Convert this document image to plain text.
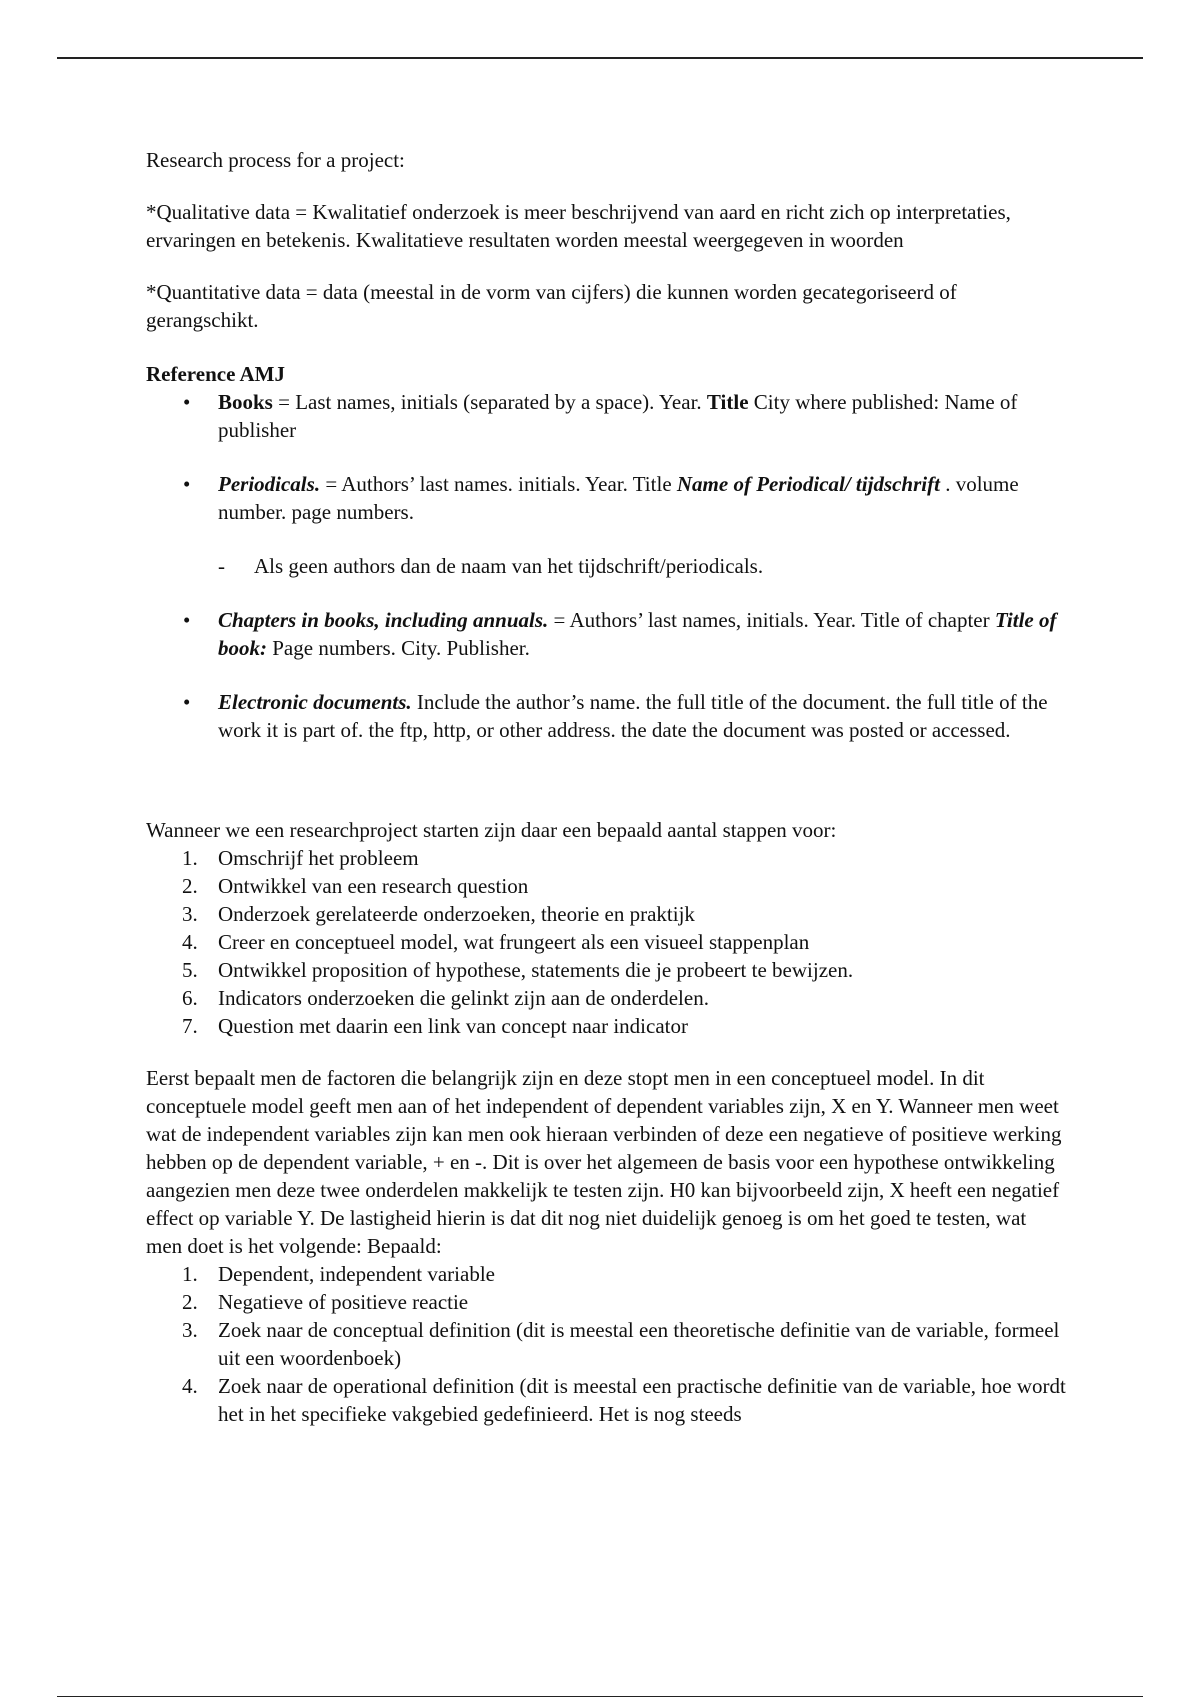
Research process for a project:

*Qualitative data = Kwalitatief onderzoek is meer beschrijvend van aard en richt zich op interpretaties, ervaringen en betekenis. Kwalitatieve resultaten worden meestal weergegeven in woorden

*Quantitative data = data (meestal in de vorm van cijfers) die kunnen worden gecategoriseerd of gerangschikt.

Reference AMJ

• Books = Last names, initials (separated by a space). Year. Title City where published: Name of publisher
• Periodicals. = Authors’ last names. initials. Year. Title Name of Periodical/ tijdschrift . volume number. page numbers.
- Als geen authors dan de naam van het tijdschrift/periodicals.
• Chapters in books, including annuals. = Authors’ last names, initials. Year. Title of chapter Title of book: Page numbers. City. Publisher.
• Electronic documents. Include the author’s name. the full title of the document. the full title of the work it is part of. the ftp, http, or other address. the date the document was posted or accessed.

Wanneer we een researchproject starten zijn daar een bepaald aantal stappen voor:

1. Omschrijf het probleem
2. Ontwikkel van een research question
3. Onderzoek gerelateerde onderzoeken, theorie en praktijk
4. Creer en conceptueel model, wat frungeert als een visueel stappenplan
5. Ontwikkel proposition of hypothese, statements die je probeert te bewijzen.
6. Indicators onderzoeken die gelinkt zijn aan de onderdelen.
7. Question met daarin een link van concept naar indicator

Eerst bepaalt men de factoren die belangrijk zijn en deze stopt men in een conceptueel model. In dit conceptuele model geeft men aan of het independent of dependent variables zijn, X en Y. Wanneer men weet wat de independent variables zijn kan men ook hieraan verbinden of deze een negatieve of positieve werking hebben op de dependent variable, + en -. Dit is over het algemeen de basis voor een hypothese ontwikkeling aangezien men deze twee onderdelen makkelijk te testen zijn. H0 kan bijvoorbeeld zijn, X heeft een negatief effect op variable Y. De lastigheid hierin is dat dit nog niet duidelijk genoeg is om het goed te testen, wat men doet is het volgende: Bepaald:

1. Dependent, independent variable
2. Negatieve of positieve reactie
3. Zoek naar de conceptual definition (dit is meestal een theoretische definitie van de variable, formeel uit een woordenboek)
4. Zoek naar de operational definition (dit is meestal een practische definitie van de variable, hoe wordt het in het specifieke vakgebied gedefinieerd. Het is nog steeds
